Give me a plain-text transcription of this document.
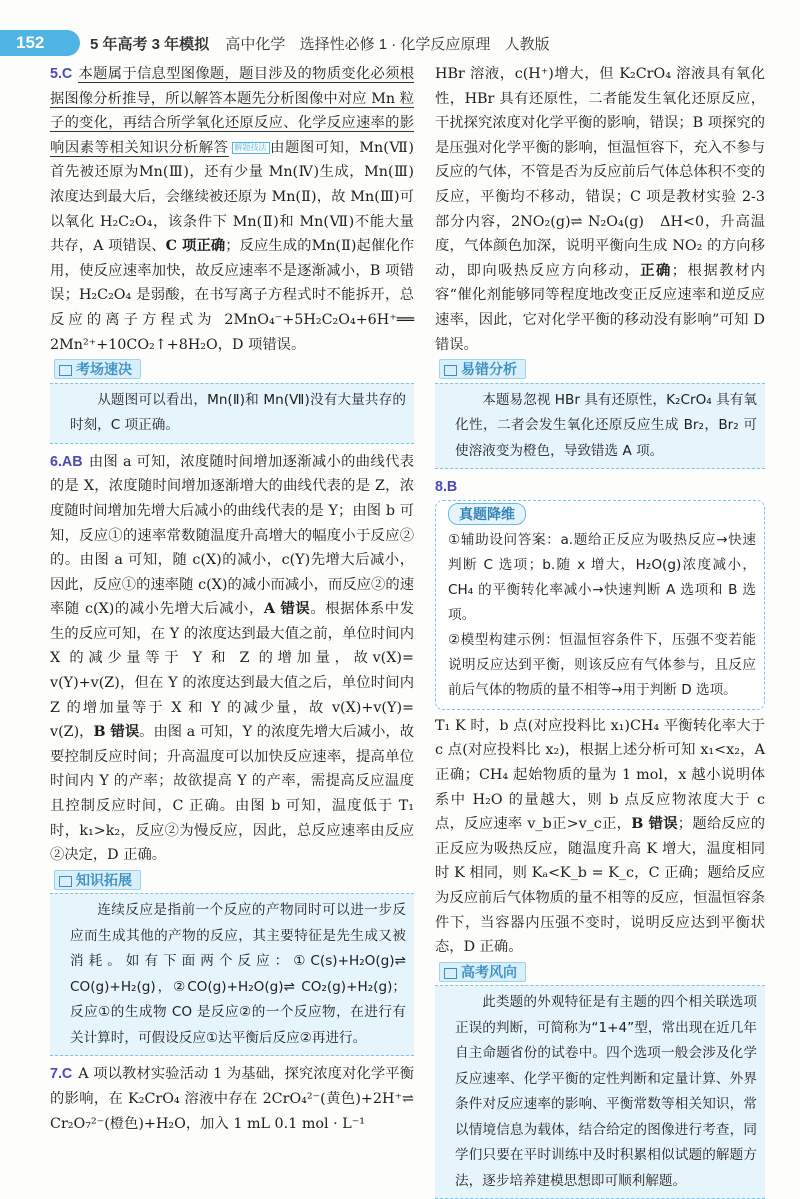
152	5 年高考 3 年模拟 高中化学 选择性必修 1 · 化学反应原理 人教版

5.C 本题属于信息型图像题，题目涉及的物质变化必须根据图像分析推导，所以解答本题先分析图像中对应 Mn 粒子的变化，再结合所学氧化还原反应、化学反应速率的影响因素等相关知识分析解答 解题技法 由题图可知，Mn(Ⅶ)首先被还原为Mn(Ⅲ)，还有少量 Mn(Ⅳ)生成，Mn(Ⅲ)浓度达到最大后，会继续被还原为 Mn(Ⅱ)，故 Mn(Ⅲ)可以氧化 H₂C₂O₄，该条件下 Mn(Ⅱ)和 Mn(Ⅶ)不能大量共存，A 项错误、C 项正确；反应生成的Mn(Ⅱ)起催化作用，使反应速率加快，故反应速率不是逐渐减小，B 项错误；H₂C₂O₄ 是弱酸，在书写离子方程式时不能拆开，总反应的离子方程式为 2MnO₄⁻+5H₂C₂O₄+6H⁺══ 2Mn²⁺+10CO₂↑+8H₂O，D 项错误。

考场速决

从题图可以看出，Mn(Ⅱ)和 Mn(Ⅶ)没有大量共存的时刻，C 项正确。

6.AB 由图 a 可知，浓度随时间增加逐渐减小的曲线代表的是 X，浓度随时间增加逐渐增大的曲线代表的是 Z，浓度随时间增加先增大后减小的曲线代表的是 Y；由图 b 可知，反应①的速率常数随温度升高增大的幅度小于反应②的。由图 a 可知，随 c(X)的减小，c(Y)先增大后减小，因此，反应①的速率随 c(X)的减小而减小，而反应②的速率随 c(X)的减小先增大后减小，A 错误。根据体系中发生的反应可知，在 Y 的浓度达到最大值之前，单位时间内 X 的减少量等于 Y 和 Z 的增加量，故v(X)= v(Y)+v(Z)，但在 Y 的浓度达到最大值之后，单位时间内 Z 的增加量等于 X 和 Y 的减少量，故 v(X)+v(Y)= v(Z)，B 错误。由图 a 可知，Y 的浓度先增大后减小，故要控制反应时间；升高温度可以加快反应速率，提高单位时间内 Y 的产率；故欲提高 Y 的产率，需提高反应温度且控制反应时间，C 正确。由图 b 可知，温度低于 T₁ 时，k₁>k₂，反应②为慢反应，因此，总反应速率由反应②决定，D 正确。

知识拓展

连续反应是指前一个反应的产物同时可以进一步反应而生成其他的产物的反应，其主要特征是先生成又被消耗。如有下面两个反应：①C(s)+H₂O(g)⇌ CO(g)+H₂(g)，②CO(g)+H₂O(g)⇌ CO₂(g)+H₂(g)；反应①的生成物 CO 是反应②的一个反应物，在进行有关计算时，可假设反应①达平衡后反应②再进行。

7.C A 项以教材实验活动 1 为基础，探究浓度对化学平衡的影响，在 K₂CrO₄ 溶液中存在 2CrO₄²⁻(黄色)+2H⁺⇌ Cr₂O₇²⁻(橙色)+H₂O，加入 1 mL 0.1 mol · L⁻¹

HBr 溶液，c(H⁺)增大，但 K₂CrO₄ 溶液具有氧化性，HBr 具有还原性，二者能发生氧化还原反应，干扰探究浓度对化学平衡的影响，错误；B 项探究的是压强对化学平衡的影响，恒温恒容下，充入不参与反应的气体，不管是否为反应前后气体总体积不变的反应，平衡均不移动，错误；C 项是教材实验 2-3 部分内容，2NO₂(g)⇌ N₂O₄(g)　ΔH<0，升高温度，气体颜色加深，说明平衡向生成 NO₂ 的方向移动，即向吸热反应方向移动，正确；根据教材内容“催化剂能够同等程度地改变正反应速率和逆反应速率，因此，它对化学平衡的移动没有影响”可知 D 错误。

易错分析

本题易忽视 HBr 具有还原性，K₂CrO₄ 具有氧化性，二者会发生氧化还原反应生成 Br₂，Br₂ 可使溶液变为橙色，导致错选 A 项。

8.B

真题降维

①辅助设问答案：a.题给正反应为吸热反应→快速判断 C 选项；b.随 x 增大，H₂O(g)浓度减小，CH₄ 的平衡转化率减小→快速判断 A 选项和 B 选项。

②模型构建示例：恒温恒容条件下，压强不变若能说明反应达到平衡，则该反应有气体参与，且反应前后气体的物质的量不相等→用于判断 D 选项。

T₁ K 时，b 点(对应投料比 x₁)CH₄ 平衡转化率大于 c 点(对应投料比 x₂)，根据上述分析可知 x₁<x₂，A 正确；CH₄ 起始物质的量为 1 mol，x 越小说明体系中 H₂O 的量越大，则 b 点反应物浓度大于 c 点，反应速率 v_b正>v_c正，B 错误；题给反应的正反应为吸热反应，随温度升高 K 增大，温度相同时 K 相同，则 Kₐ<K_b = K_c，C 正确；题给反应为反应前后气体物质的量不相等的反应，恒温恒容条件下，当容器内压强不变时，说明反应达到平衡状态，D 正确。

高考风向

此类题的外观特征是有主题的四个相关联选项正误的判断，可简称为“1+4”型，常出现在近几年自主命题省份的试卷中。四个选项一般会涉及化学反应速率、化学平衡的定性判断和定量计算、外界条件对反应速率的影响、平衡常数等相关知识，常以情境信息为载体，结合给定的图像进行考查，同学们只要在平时训练中及时积累相似试题的解题方法，逐步培养建模思想即可顺利解题。
